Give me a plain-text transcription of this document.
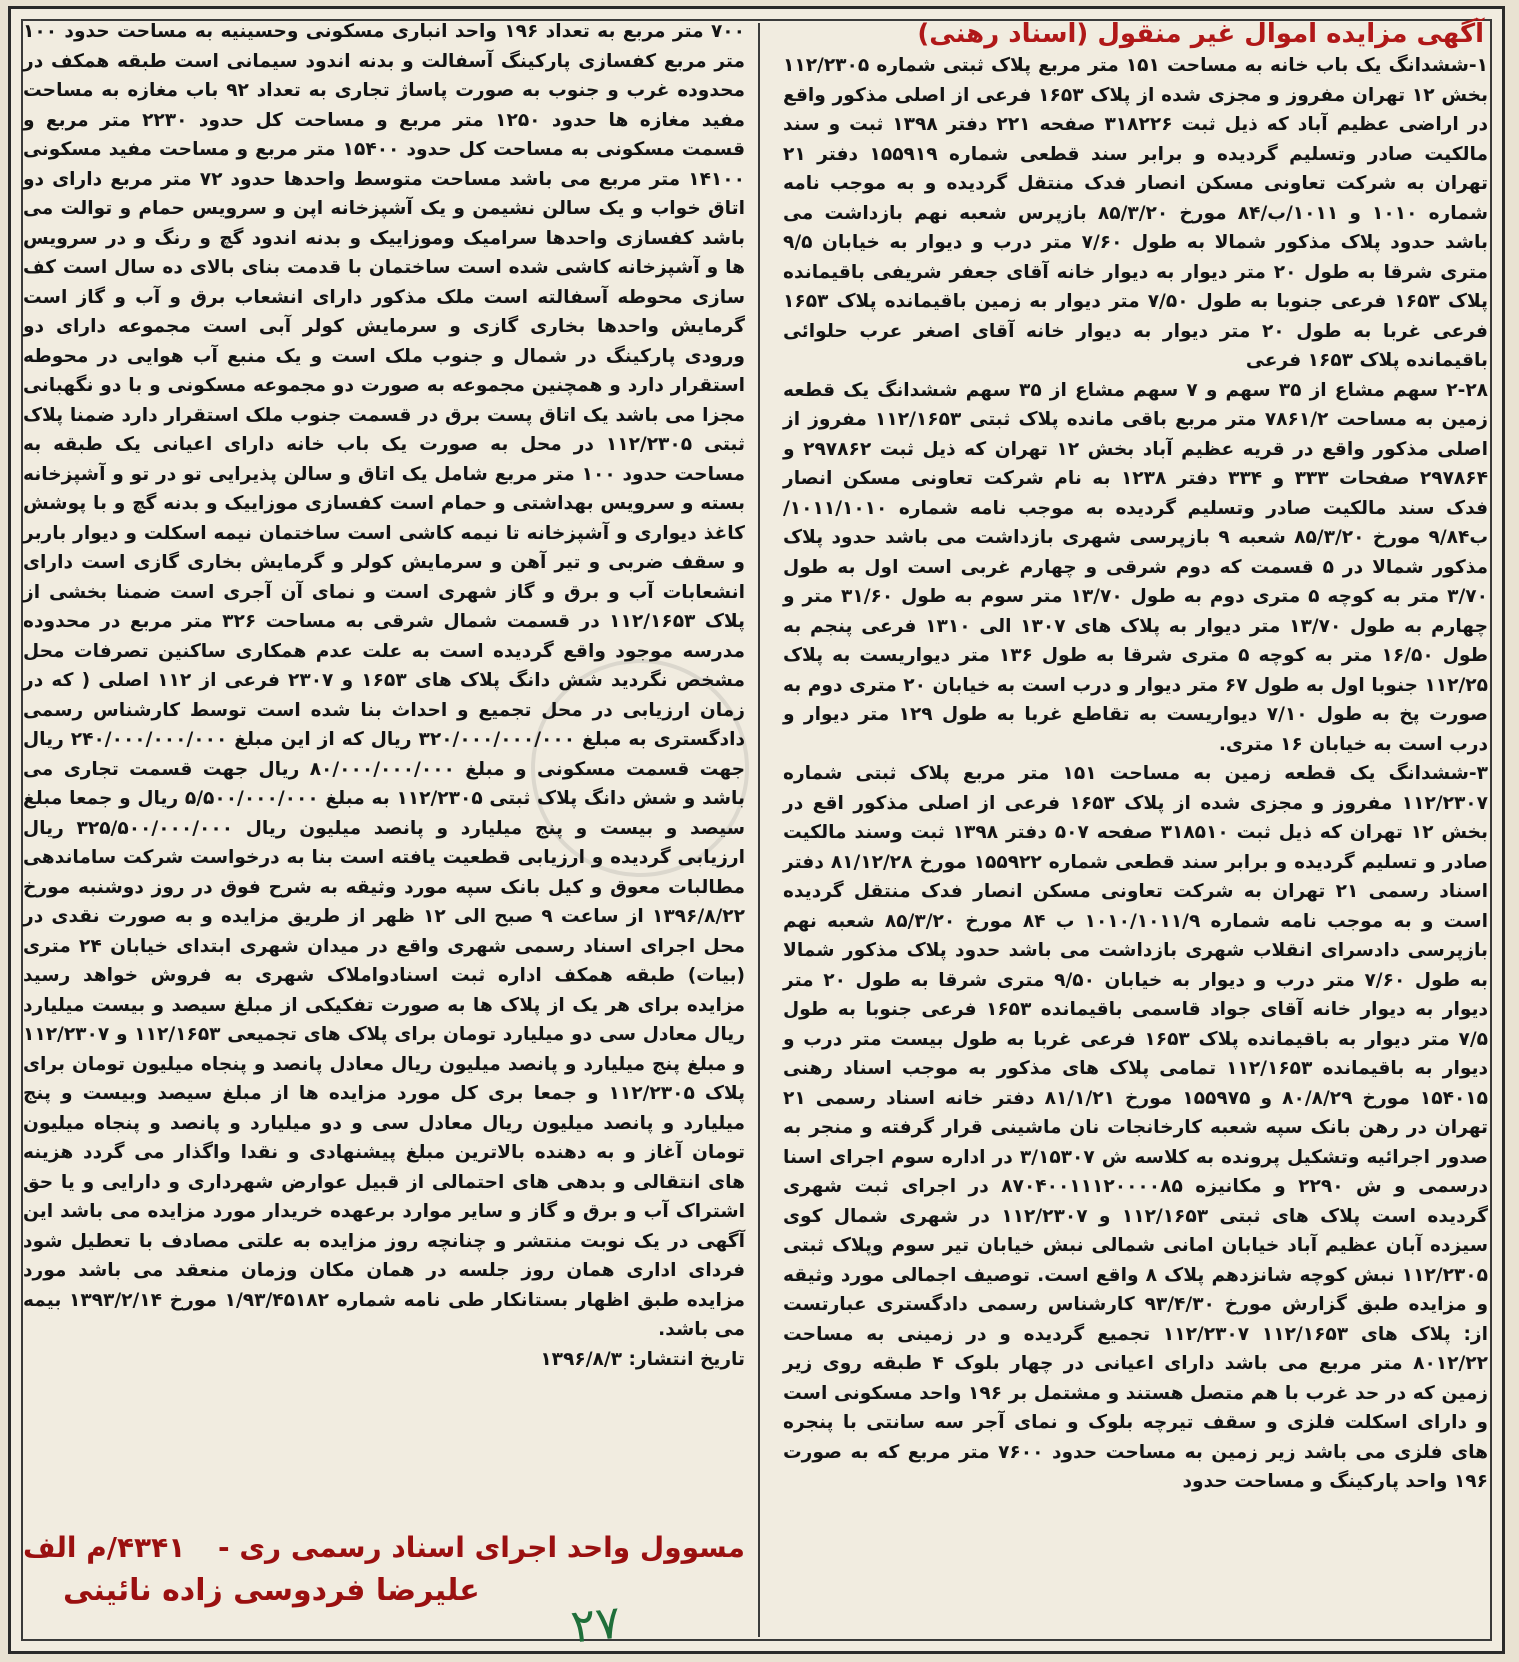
آگهی مزایده اموال غیر منقول (اسناد رهنی)

۱-ششدانگ یک باب خانه به مساحت ۱۵۱ متر مربع پلاک ثبتی شماره ۱۱۲/۲۳۰۵ بخش ۱۲ تهران مفروز و مجزی شده از پلاک ۱۶۵۳ فرعی از اصلی مذکور واقع در اراضی عظیم آباد که ذیل ثبت ۳۱۸۲۲۶ صفحه ۲۲۱ دفتر ۱۳۹۸ ثبت و سند مالکیت صادر وتسلیم گردیده و برابر سند قطعی شماره ۱۵۵۹۱۹ دفتر ۲۱ تهران به شرکت تعاونی مسکن انصار فدک منتقل گردیده و به موجب نامه شماره ۱۰۱۰ و ۱۰۱۱/ب/۸۴ مورخ ۸۵/۳/۲۰ بازپرس شعبه نهم بازداشت می باشد حدود پلاک مذکور شمالا به طول ۷/۶۰ متر درب و دیوار به خیابان ۹/۵ متری شرقا به طول ۲۰ متر دیوار به دیوار خانه آقای جعفر شریفی باقیمانده پلاک ۱۶۵۳ فرعی جنوبا به طول ۷/۵۰ متر دیوار به زمین باقیمانده پلاک ۱۶۵۳ فرعی غربا به طول ۲۰ متر دیوار به دیوار خانه آقای اصغر عرب حلوائی باقیمانده پلاک ۱۶۵۳ فرعی

۲-۲۸ سهم مشاع از ۳۵ سهم و ۷ سهم مشاع از ۳۵ سهم ششدانگ یک قطعه زمین به مساحت ۷۸۶۱/۲ متر مربع باقی مانده پلاک ثبتی ۱۱۲/۱۶۵۳ مفروز از اصلی مذکور واقع در قریه عظیم آباد بخش ۱۲ تهران که ذیل ثبت ۲۹۷۸۶۲ و ۲۹۷۸۶۴ صفحات ۳۳۳ و ۳۳۴ دفتر ۱۲۳۸ به نام شرکت تعاونی مسکن انصار فدک سند مالکیت صادر وتسلیم گردیده به موجب نامه شماره ۱۰۱۱/۱۰۱۰/ب۹/۸۴ مورخ ۸۵/۳/۲۰ شعبه ۹ بازپرسی شهری بازداشت می باشد حدود پلاک مذکور شمالا در ۵ قسمت که دوم شرقی و چهارم غربی است اول به طول ۳/۷۰ متر به کوچه ۵ متری دوم به طول ۱۳/۷۰ متر سوم به طول ۳۱/۶۰ متر و چهارم به طول ۱۳/۷۰ متر دیوار به پلاک های ۱۳۰۷ الی ۱۳۱۰ فرعی پنجم به طول ۱۶/۵۰ متر به کوچه ۵ متری شرقا به طول ۱۳۶ متر دیواریست به پلاک ۱۱۲/۲۵ جنوبا اول به طول ۶۷ متر دیوار و درب است به خیابان ۲۰ متری دوم به صورت پخ به طول ۷/۱۰ دیواریست به تقاطع غربا به طول ۱۲۹ متر دیوار و درب است به خیابان ۱۶ متری.

۳-ششدانگ یک قطعه زمین به مساحت ۱۵۱ متر مربع پلاک ثبتی شماره ۱۱۲/۲۳۰۷ مفروز و مجزی شده از پلاک ۱۶۵۳ فرعی از اصلی مذکور اقع در بخش ۱۲ تهران که ذیل ثبت ۳۱۸۵۱۰ صفحه ۵۰۷ دفتر ۱۳۹۸ ثبت وسند مالکیت صادر و تسلیم گردیده و برابر سند قطعی شماره ۱۵۵۹۲۲ مورخ ۸۱/۱۲/۲۸ دفتر اسناد رسمی ۲۱ تهران به شرکت تعاونی مسکن انصار فدک منتقل گردیده است و به موجب نامه شماره ۱۰۱۰/۱۰۱۱/۹ ب ۸۴ مورخ ۸۵/۳/۲۰ شعبه نهم بازپرسی دادسرای انقلاب شهری بازداشت می باشد حدود پلاک مذکور شمالا به طول ۷/۶۰ متر درب و دیوار به خیابان ۹/۵۰ متری شرقا به طول ۲۰ متر دیوار به دیوار خانه آقای جواد قاسمی باقیمانده ۱۶۵۳ فرعی جنوبا به طول ۷/۵ متر دیوار به باقیمانده پلاک ۱۶۵۳ فرعی غربا به طول بیست متر درب و دیوار به باقیمانده ۱۱۲/۱۶۵۳ تمامی پلاک های مذکور به موجب اسناد رهنی ۱۵۴۰۱۵ مورخ ۸۰/۸/۲۹ و ۱۵۵۹۷۵ مورخ ۸۱/۱/۲۱ دفتر خانه اسناد رسمی ۲۱ تهران در رهن بانک سپه شعبه کارخانجات نان ماشینی قرار گرفته و منجر به صدور اجرائیه وتشکیل پرونده به کلاسه ش ۳/۱۵۳۰۷ در اداره سوم اجرای اسنا درسمی و ش ۲۲۹۰ و مکانیزه ۸۷۰۴۰۰۱۱۱۲۰۰۰۰۸۵ در اجرای ثبت شهری گردیده است پلاک های ثبتی ۱۱۲/۱۶۵۳ و ۱۱۲/۲۳۰۷ در شهری شمال کوی سیزده آبان عظیم آباد خیابان امانی شمالی نبش خیابان تیر سوم وپلاک ثبتی ۱۱۲/۲۳۰۵ نبش کوچه شانزدهم پلاک ۸ واقع است. توصیف اجمالی مورد وثیقه و مزایده طبق گزارش مورخ ۹۳/۴/۳۰ کارشناس رسمی دادگستری عبارتست از: پلاک های ۱۱۲/۱۶۵۳ ۱۱۲/۲۳۰۷ تجمیع گردیده و در زمینی به مساحت ۸۰۱۲/۲۲ متر مربع می باشد دارای اعیانی در چهار بلوک ۴ طبقه روی زیر زمین که در حد غرب با هم متصل هستند و مشتمل بر ۱۹۶ واحد مسکونی است و دارای اسکلت فلزی و سقف تیرچه بلوک و نمای آجر سه سانتی با پنجره های فلزی می باشد زیر زمین به مساحت حدود ۷۶۰۰ متر مربع که به صورت ۱۹۶ واحد پارکینگ و مساحت حدود

۷۰۰ متر مربع به تعداد ۱۹۶ واحد انباری مسکونی وحسینیه به مساحت حدود ۱۰۰ متر مربع کفسازی پارکینگ آسفالت و بدنه اندود سیمانی است طبقه همکف در محدوده غرب و جنوب به صورت پاساژ تجاری به تعداد ۹۲ باب مغازه به مساحت مفید مغازه ها حدود ۱۲۵۰ متر مربع و مساحت کل حدود ۲۲۳۰ متر مربع و قسمت مسکونی به مساحت کل حدود ۱۵۴۰۰ متر مربع و مساحت مفید مسکونی ۱۴۱۰۰ متر مربع می باشد مساحت متوسط واحدها حدود ۷۲ متر مربع دارای دو اتاق خواب و یک سالن نشیمن و یک آشپزخانه اپن و سرویس حمام و توالت می باشد کفسازی واحدها سرامیک وموزاییک و بدنه اندود گچ و رنگ و در سرویس ها و آشپزخانه کاشی شده است ساختمان با قدمت بنای بالای ده سال است کف سازی محوطه آسفالته است ملک مذکور دارای انشعاب برق و آب و گاز است گرمایش واحدها بخاری گازی و سرمایش کولر آبی است مجموعه دارای دو ورودی پارکینگ در شمال و جنوب ملک است و یک منبع آب هوایی در محوطه استقرار دارد و همچنین مجموعه به صورت دو مجموعه مسکونی و با دو نگهبانی مجزا می باشد یک اتاق پست برق در قسمت جنوب ملک استقرار دارد ضمنا پلاک ثبتی ۱۱۲/۲۳۰۵ در محل به صورت یک باب خانه دارای اعیانی یک طبقه به مساحت حدود ۱۰۰ متر مربع شامل یک اتاق و سالن پذیرایی تو در تو و آشپزخانه بسته و سرویس بهداشتی و حمام است کفسازی موزاییک و بدنه گچ و با پوشش کاغذ دیواری و آشپزخانه تا نیمه کاشی است ساختمان نیمه اسکلت و دیوار باربر و سقف ضربی و تیر آهن و سرمایش کولر و گرمایش بخاری گازی است دارای انشعابات آب و برق و گاز شهری است و نمای آن آجری است ضمنا بخشی از پلاک ۱۱۲/۱۶۵۳ در قسمت شمال شرقی به مساحت ۳۲۶ متر مربع در محدوده مدرسه موجود واقع گردیده است به علت عدم همکاری ساکنین تصرفات محل مشخص نگردید شش دانگ پلاک های ۱۶۵۳ و ۲۳۰۷ فرعی از ۱۱۲ اصلی ( که در زمان ارزیابی در محل تجمیع و احداث بنا شده است توسط کارشناس رسمی دادگستری به مبلغ ۳۲۰/۰۰۰/۰۰۰/۰۰۰ ریال که از این مبلغ ۲۴۰/۰۰۰/۰۰۰/۰۰۰ ریال جهت قسمت مسکونی و مبلغ ۸۰/۰۰۰/۰۰۰/۰۰۰ ریال جهت قسمت تجاری می باشد و شش دانگ پلاک ثبتی ۱۱۲/۲۳۰۵ به مبلغ ۵/۵۰۰/۰۰۰/۰۰۰ ریال و جمعا مبلغ سیصد و بیست و پنج میلیارد و پانصد میلیون ریال ۳۲۵/۵۰۰/۰۰۰/۰۰۰ ریال ارزیابی گردیده و ارزیابی قطعیت یافته است بنا به درخواست شرکت ساماندهی مطالبات معوق و کیل بانک سپه مورد وثیقه به شرح فوق در روز دوشنبه مورخ ۱۳۹۶/۸/۲۲ از ساعت ۹ صبح الی ۱۲ ظهر از طریق مزایده و به صورت نقدی در محل اجرای اسناد رسمی شهری واقع در میدان شهری ابتدای خیابان ۲۴ متری (بیات) طبقه همکف اداره ثبت اسنادواملاک شهری به فروش خواهد رسید مزایده برای هر یک از پلاک ها به صورت تفکیکی از مبلغ سیصد و بیست میلیارد ریال معادل سی دو میلیارد تومان برای پلاک های تجمیعی ۱۱۲/۱۶۵۳ و ۱۱۲/۲۳۰۷ و مبلغ پنج میلیارد و پانصد میلیون ریال معادل پانصد و پنجاه میلیون تومان برای پلاک ۱۱۲/۲۳۰۵ و جمعا بری کل مورد مزایده ها از مبلغ سیصد وبیست و پنج میلیارد و پانصد میلیون ریال معادل سی و دو میلیارد و پانصد و پنجاه میلیون تومان آغاز و به دهنده بالاترین مبلغ پیشنهادی و نقدا واگذار می گردد هزینه های انتقالی و بدهی های احتمالی از قبیل عوارض شهرداری و دارایی و یا حق اشتراک آب و برق و گاز و سایر موارد برعهده خریدار مورد مزایده می باشد این آگهی در یک نوبت منتشر و چنانچه روز مزایده به علتی مصادف با تعطیل شود فردای اداری همان روز جلسه در همان مکان وزمان منعقد می باشد مورد مزایده طبق اظهار بستانکار طی نامه شماره ۱/۹۳/۴۵۱۸۲ مورخ ۱۳۹۳/۲/۱۴ بیمه می باشد.

تاریخ انتشار: ۱۳۹۶/۸/۳

مسوول واحد اجرای اسناد رسمی ری -
۴۳۴۱/م الف
علیرضا فردوسی زاده نائینی
۲۷
